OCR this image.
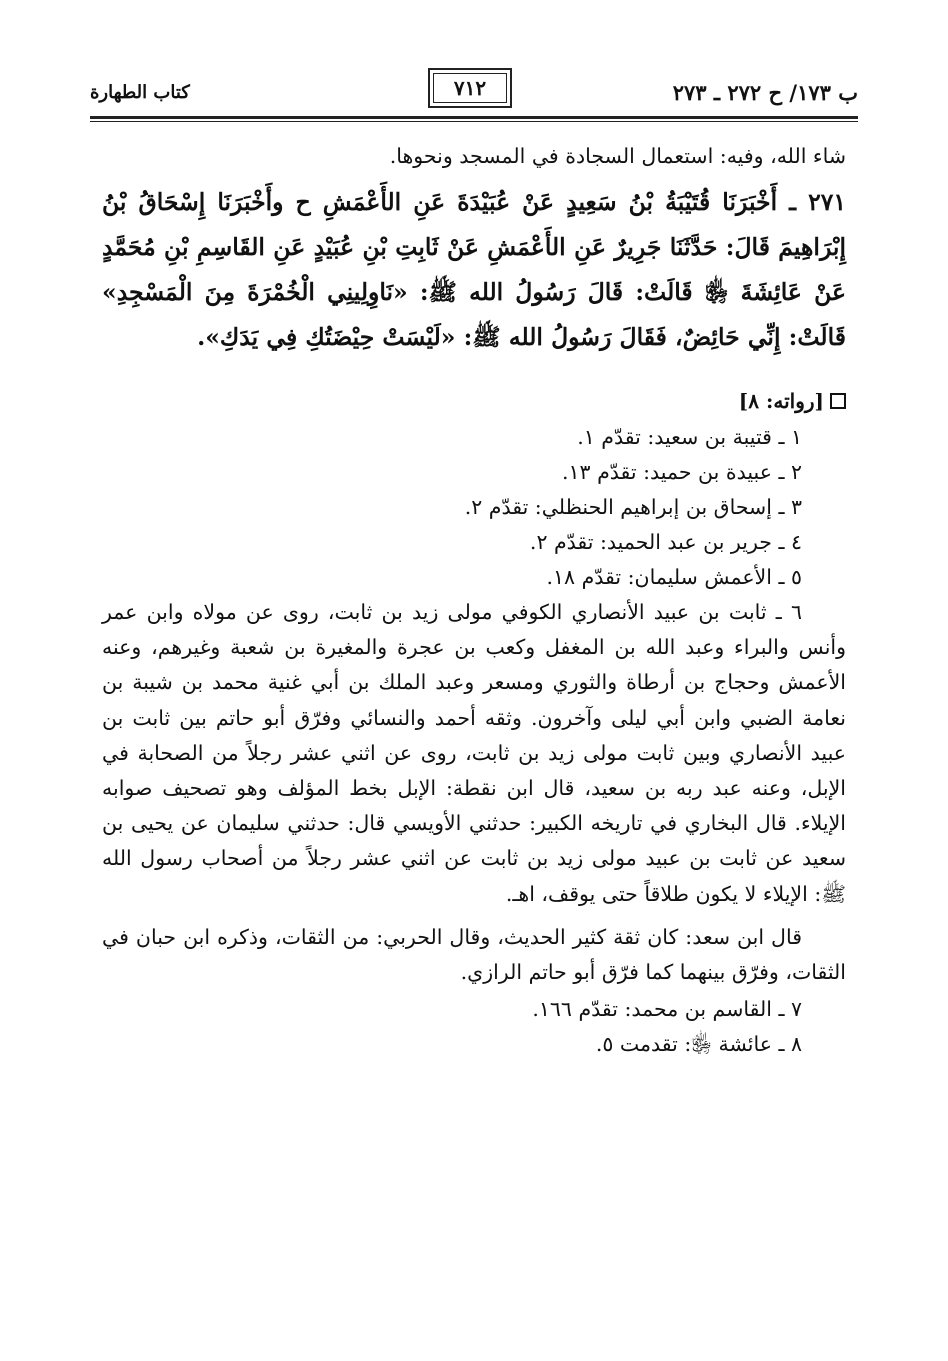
ب ١٧٣/ ح ٢٧٢ ـ ٢٧٣
٧١٢
كتاب الطهارة

شاء الله، وفيه: استعمال السجادة في المسجد ونحوها.

٢٧١ ـ أَخْبَرَنَا قُتَيْبَةُ بْنُ سَعِيدٍ عَنْ عُبَيْدَةَ عَنِ الأَعْمَشِ ح وأَخْبَرَنَا إِسْحَاقُ بْنُ إِبْرَاهِيمَ قَالَ: حَدَّثَنَا جَرِيرٌ عَنِ الأَعْمَشِ عَنْ ثَابِتِ بْنِ عُبَيْدٍ عَنِ القَاسِمِ بْنِ مُحَمَّدٍ عَنْ عَائِشَةَ ﵂ قَالَتْ: قَالَ رَسُولُ الله ﷺ: «نَاوِلِينِي الْخُمْرَةَ مِنَ الْمَسْجِدِ» قَالَتْ: إِنِّي حَائِضٌ، فَقَالَ رَسُولُ الله ﷺ: «لَيْسَتْ حِيْضَتُكِ فِي يَدَكِ».

[رواته: ٨]

١ ـ قتيبة بن سعيد: تقدّم ١.

٢ ـ عبيدة بن حميد: تقدّم ١٣.

٣ ـ إسحاق بن إبراهيم الحنظلي: تقدّم ٢.

٤ ـ جرير بن عبد الحميد: تقدّم ٢.

٥ ـ الأعمش سليمان: تقدّم ١٨.

٦ ـ ثابت بن عبيد الأنصاري الكوفي مولى زيد بن ثابت، روى عن مولاه وابن عمر وأنس والبراء وعبد الله بن المغفل وكعب بن عجرة والمغيرة بن شعبة وغيرهم، وعنه الأعمش وحجاج بن أرطاة والثوري ومسعر وعبد الملك بن أبي غنية محمد بن شيبة بن نعامة الضبي وابن أبي ليلى وآخرون. وثقه أحمد والنسائي وفرّق أبو حاتم بين ثابت بن عبيد الأنصاري وبين ثابت مولى زيد بن ثابت، روى عن اثني عشر رجلاً من الصحابة في الإبل، وعنه عبد ربه بن سعيد، قال ابن نقطة: الإبل بخط المؤلف وهو تصحيف صوابه الإيلاء. قال البخاري في تاريخه الكبير: حدثني الأويسي قال: حدثني سليمان عن يحيى بن سعيد عن ثابت بن عبيد مولى زيد بن ثابت عن اثني عشر رجلاً من أصحاب رسول الله ﷺ: الإيلاء لا يكون طلاقاً حتى يوقف، اهـ.

قال ابن سعد: كان ثقة كثير الحديث، وقال الحربي: من الثقات، وذكره ابن حبان في الثقات، وفرّق بينهما كما فرّق أبو حاتم الرازي.

٧ ـ القاسم بن محمد: تقدّم ١٦٦.

٨ ـ عائشة ﵂: تقدمت ٥.
